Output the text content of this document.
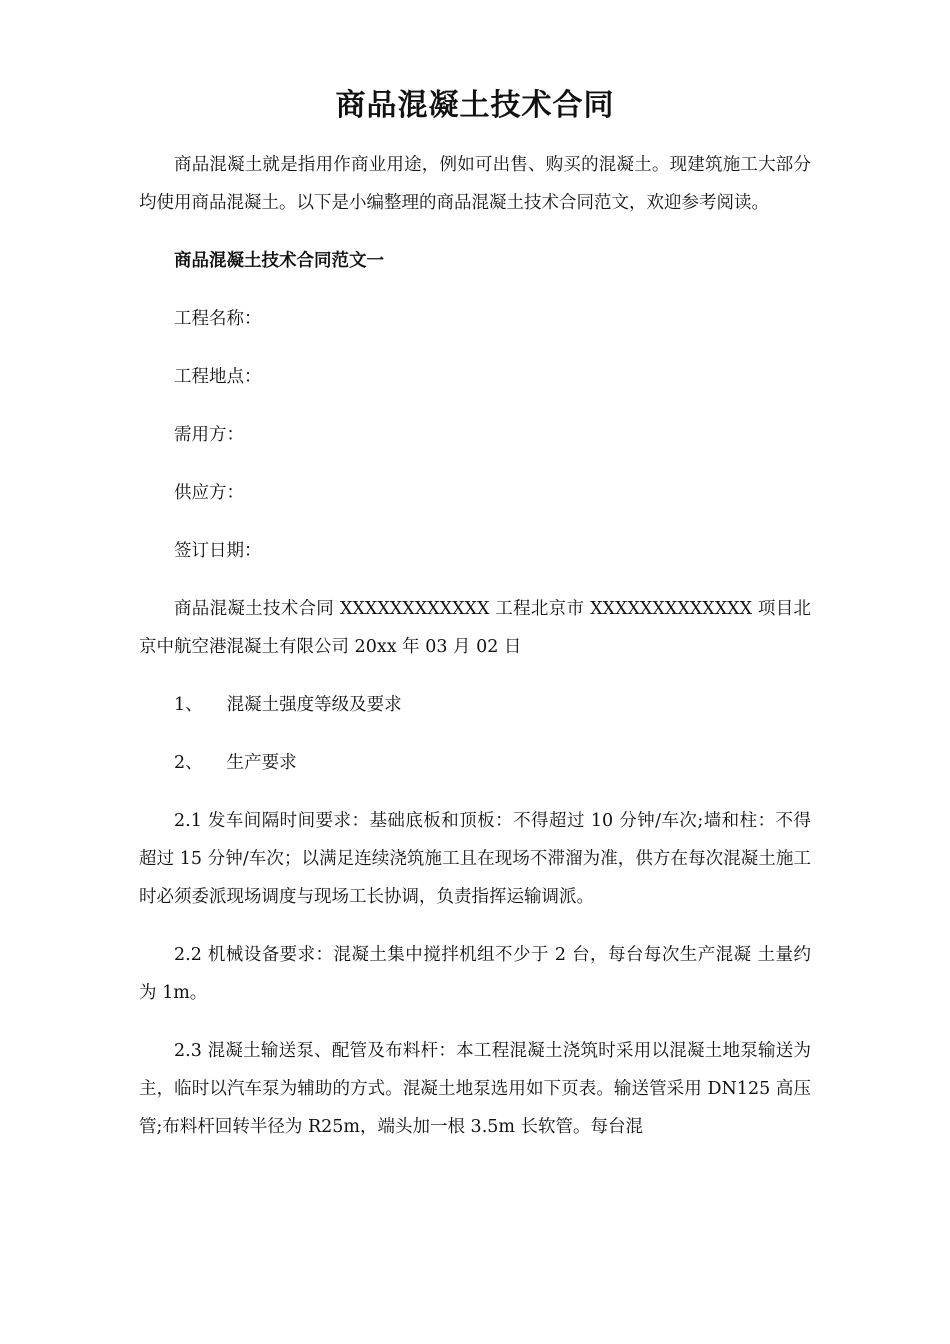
商品混凝土技术合同

商品混凝土就是指用作商业用途，例如可出售、购买的混凝土。现建筑施工大部分均使用商品混凝土。以下是小编整理的商品混凝土技术合同范文，欢迎参考阅读。

商品混凝土技术合同范文一

工程名称：

工程地点：

需用方：

供应方：

签订日期：

商品混凝土技术合同 XXXXXXXXXXXX 工程北京市 XXXXXXXXXXXXX 项目北 京中航空港混凝土有限公司 20xx 年 03 月 02 日

1、 混凝土强度等级及要求

2、 生产要求

2.1 发车间隔时间要求：基础底板和顶板：不得超过 10 分钟/车次;墙和柱：不得超过 15 分钟/车次；以满足连续浇筑施工且在现场不滞溜为准，供方在每次混凝土施工时必须委派现场调度与现场工长协调，负责指挥运输调派。

2.2 机械设备要求：混凝土集中搅拌机组不少于 2 台，每台每次生产混凝 土量约为 1m。

2.3 混凝土输送泵、配管及布料杆：本工程混凝土浇筑时采用以混凝土地泵输送为主，临时以汽车泵为辅助的方式。混凝土地泵选用如下页表。输送管采用 DN125 高压管;布料杆回转半径为 R25m，端头加一根 3.5m 长软管。每台混
